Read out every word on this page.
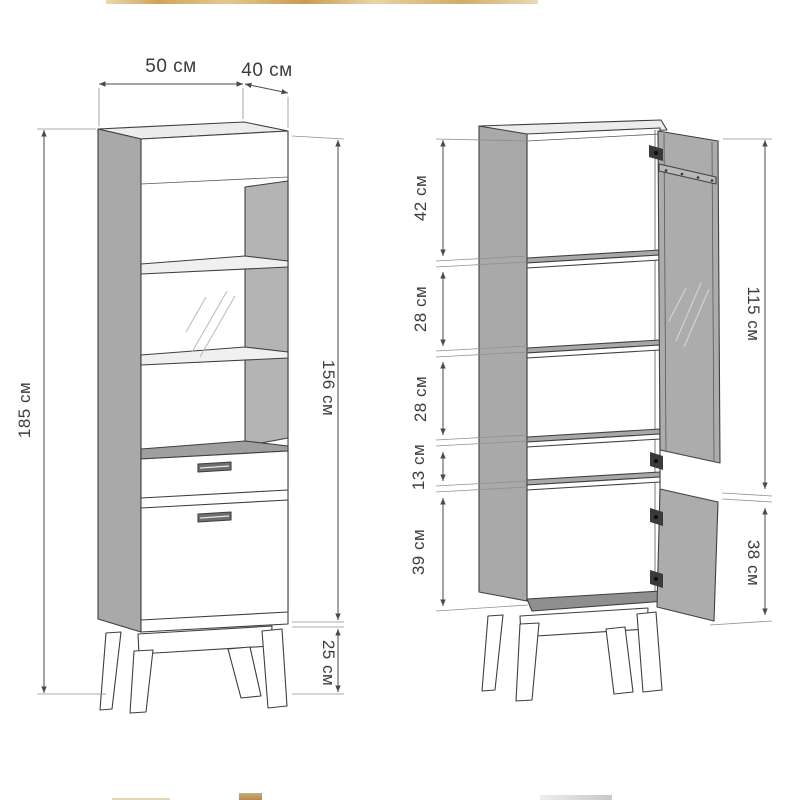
50 см 40 см
185 см	156 см
25 см
42 см
28 см
28 см
13 см
39 см
115 см
38 см
